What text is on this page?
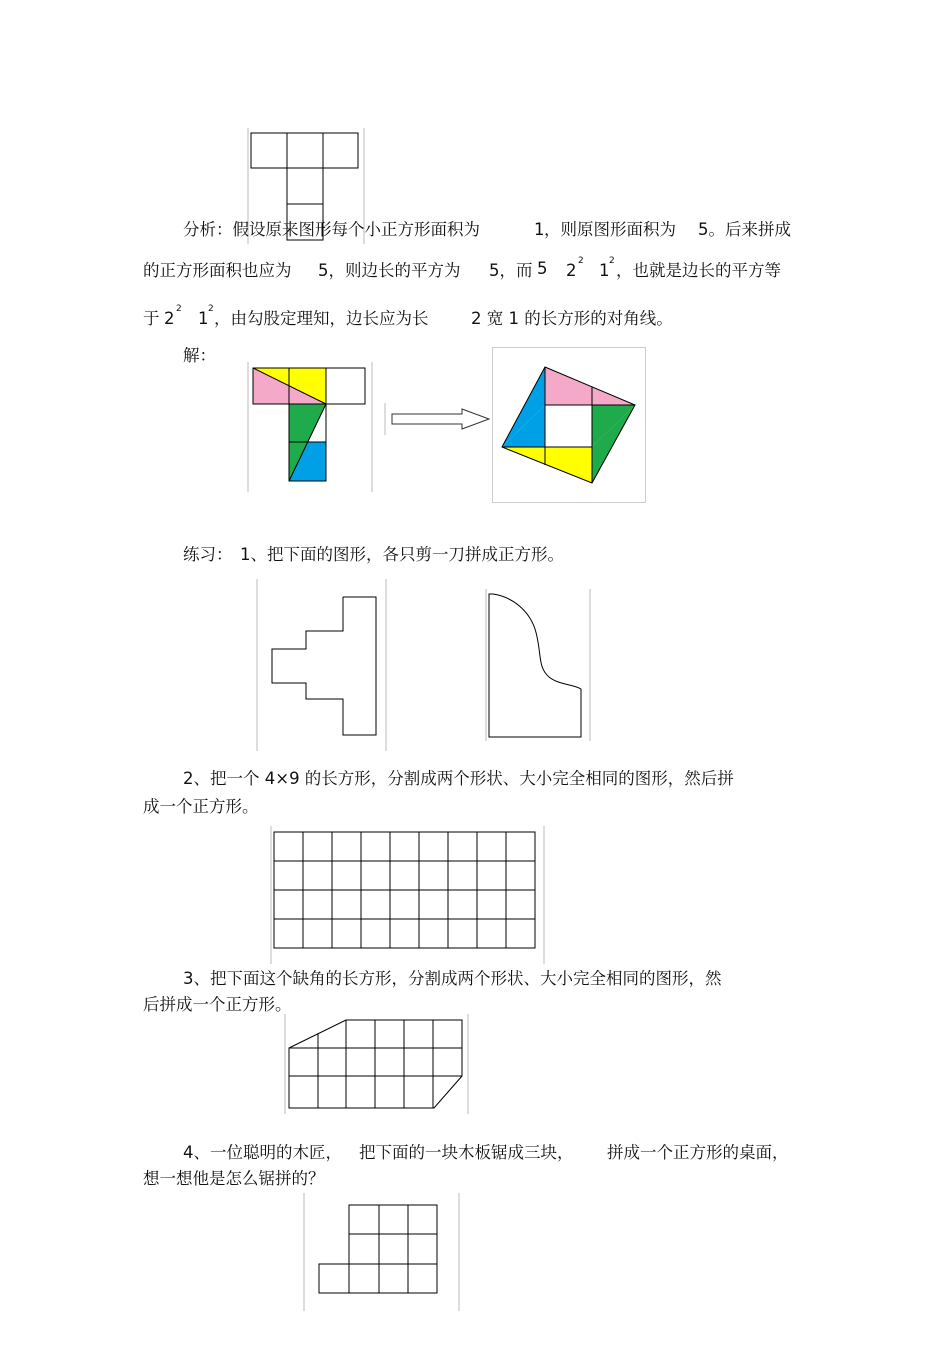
分析：假设原来图形每个小正方形面积为	1 ，则原图形面积为 5。后来拼成
的正方形面积也应为 5，则边长的平方为 5，而 5 2 2 1 2 ，也就是边长的平方等
于 2 2 1 2 ，由勾股定理知，边长应为长	2 宽 1 的长方形的对角线。
解：
练习： 1、把下面的图形，各只剪一刀拼成正方形。
2、把一个 4×9 的长方形，分割成两个形状、大小完全相同的图形，然后拼
成一个正方形。
3、把下面这个缺角的长方形，分割成两个形状、大小完全相同的图形，然
后拼成一个正方形。
4、一位聪明的木匠， 把下面的一块木板锯成三块， 拼成一个正方形的桌面，
想一想他是怎么锯拼的？
